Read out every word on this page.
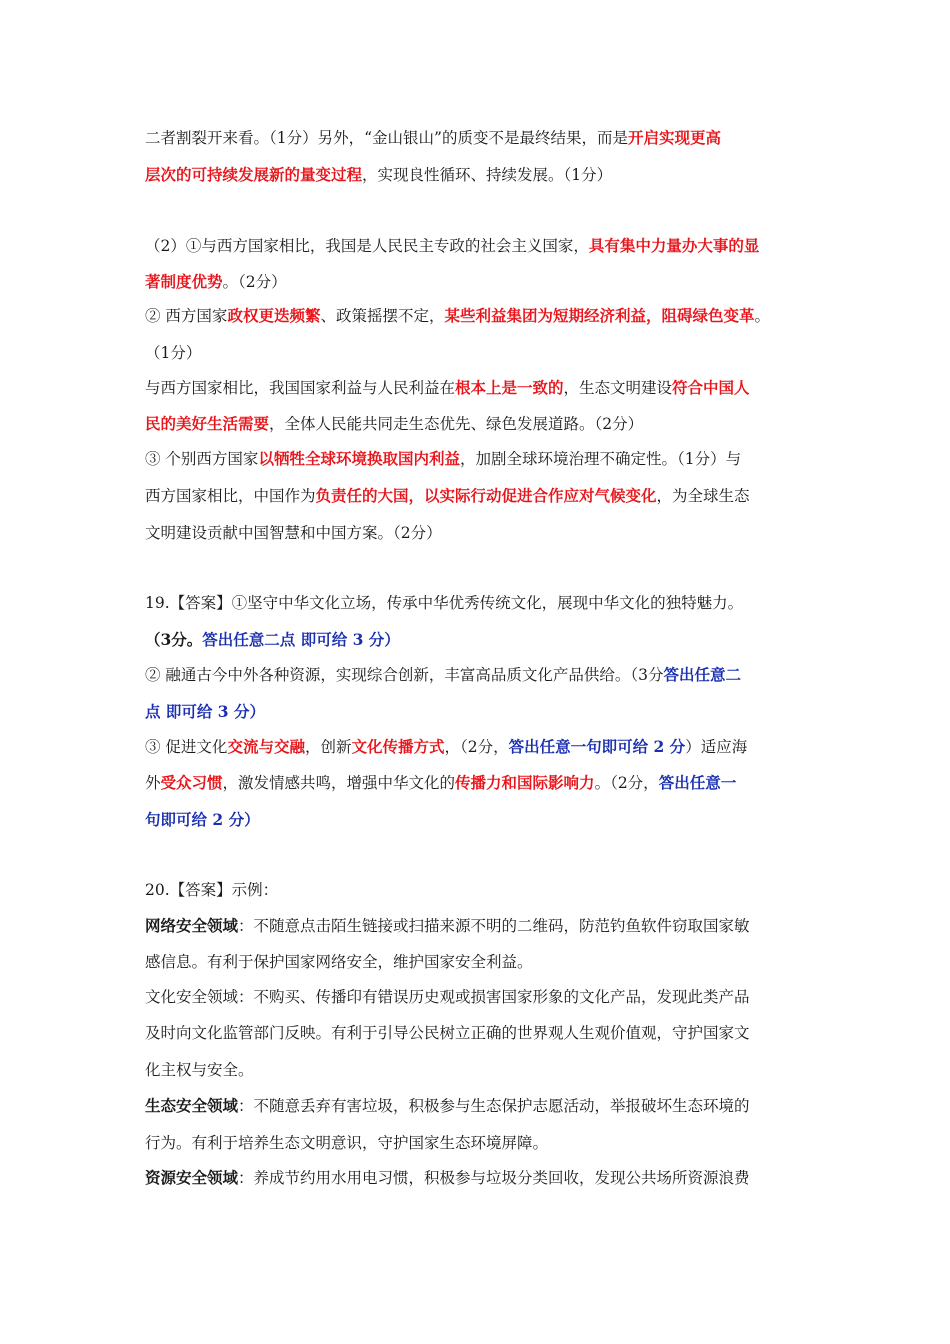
二者割裂开来看。（1分）另外，“金山银山”的质变不是最终结果，而是开启实现更高
层次的可持续发展新的量变过程，实现良性循环、持续发展。（1分）
（2）①与西方国家相比，我国是人民民主专政的社会主义国家，具有集中力量办大事的显
著制度优势。（2分）
② 西方国家政权更迭频繁、政策摇摆不定，某些利益集团为短期经济利益，阻碍绿色变革。
（1分）
与西方国家相比，我国国家利益与人民利益在根本上是一致的，生态文明建设符合中国人
民的美好生活需要，全体人民能共同走生态优先、绿色发展道路。（2分）
③ 个别西方国家以牺牲全球环境换取国内利益，加剧全球环境治理不确定性。（1分）与
西方国家相比，中国作为负责任的大国，以实际行动促进合作应对气候变化，为全球生态
文明建设贡献中国智慧和中国方案。（2分）
19.【答案】①坚守中华文化立场，传承中华优秀传统文化，展现中华文化的独特魅力。
（3分。答出任意二点 即可给 3 分）
② 融通古今中外各种资源，实现综合创新，丰富高品质文化产品供给。（3分答出任意二
点 即可给 3 分）
③ 促进文化交流与交融，创新文化传播方式，（2分，答出任意一句即可给 2 分）适应海
外受众习惯，激发情感共鸣，增强中华文化的传播力和国际影响力。（2分，答出任意一
句即可给 2 分）
20.【答案】示例：
网络安全领域：不随意点击陌生链接或扫描来源不明的二维码，防范钓鱼软件窃取国家敏
感信息。有利于保护国家网络安全，维护国家安全利益。
文化安全领域：不购买、传播印有错误历史观或损害国家形象的文化产品，发现此类产品
及时向文化监管部门反映。有利于引导公民树立正确的世界观人生观价值观，守护国家文
化主权与安全。
生态安全领域：不随意丢弃有害垃圾，积极参与生态保护志愿活动，举报破坏生态环境的
行为。有利于培养生态文明意识，守护国家生态环境屏障。
资源安全领域：养成节约用水用电习惯，积极参与垃圾分类回收，发现公共场所资源浪费
